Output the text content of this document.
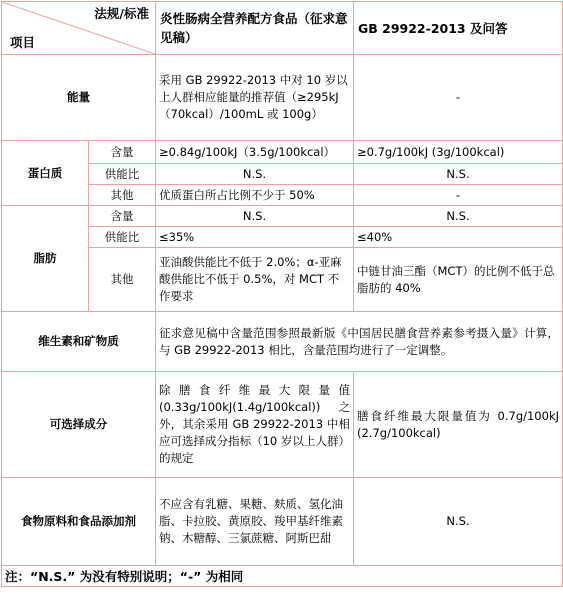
法规/标准
项目		炎性肠病全营养配方食品（征求意见稿）	GB 29922-2013 及问答
能量		采用 GB 29922-2013 中对 10 岁以上人群相应能量的推荐值（≥295kJ（70kcal）/100mL 或 100g）	-
蛋白质	含量	≥0.84g/100kJ（3.5g/100kcal）	≥0.7g/100kJ (3g/100kcal)
	供能比	N.S.	N.S.
	其他	优质蛋白所占比例不少于 50%	-
脂肪	含量	N.S.	N.S.
	供能比	≤35%	≤40%
	其他	亚油酸供能比不低于 2.0%；α-亚麻酸供能比不低于 0.5%，对 MCT 不作要求	中链甘油三酯（MCT）的比例不低于总脂肪的 40%
维生素和矿物质		征求意见稿中含量范围参照最新版《中国居民膳食营养素参考摄入量》计算，与 GB 29922-2013 相比，含量范围均进行了一定调整。	
可选择成分		除膳食纤维最大限量值(0.33g/100kJ(1.4g/100kcal)) 之外，其余采用 GB 29922-2013 中相应可选择成分指标（10 岁以上人群）的规定	膳食纤维最大限量值为 0.7g/100kJ (2.7g/100kcal)
食物原料和食品添加剂		不应含有乳糖、果糖、麸质、氢化油脂、卡拉胶、黄原胶、羧甲基纤维素钠、木糖醇、三氯蔗糖、阿斯巴甜	N.S.
注：“N.S.” 为没有特别说明；“-” 为相同			
